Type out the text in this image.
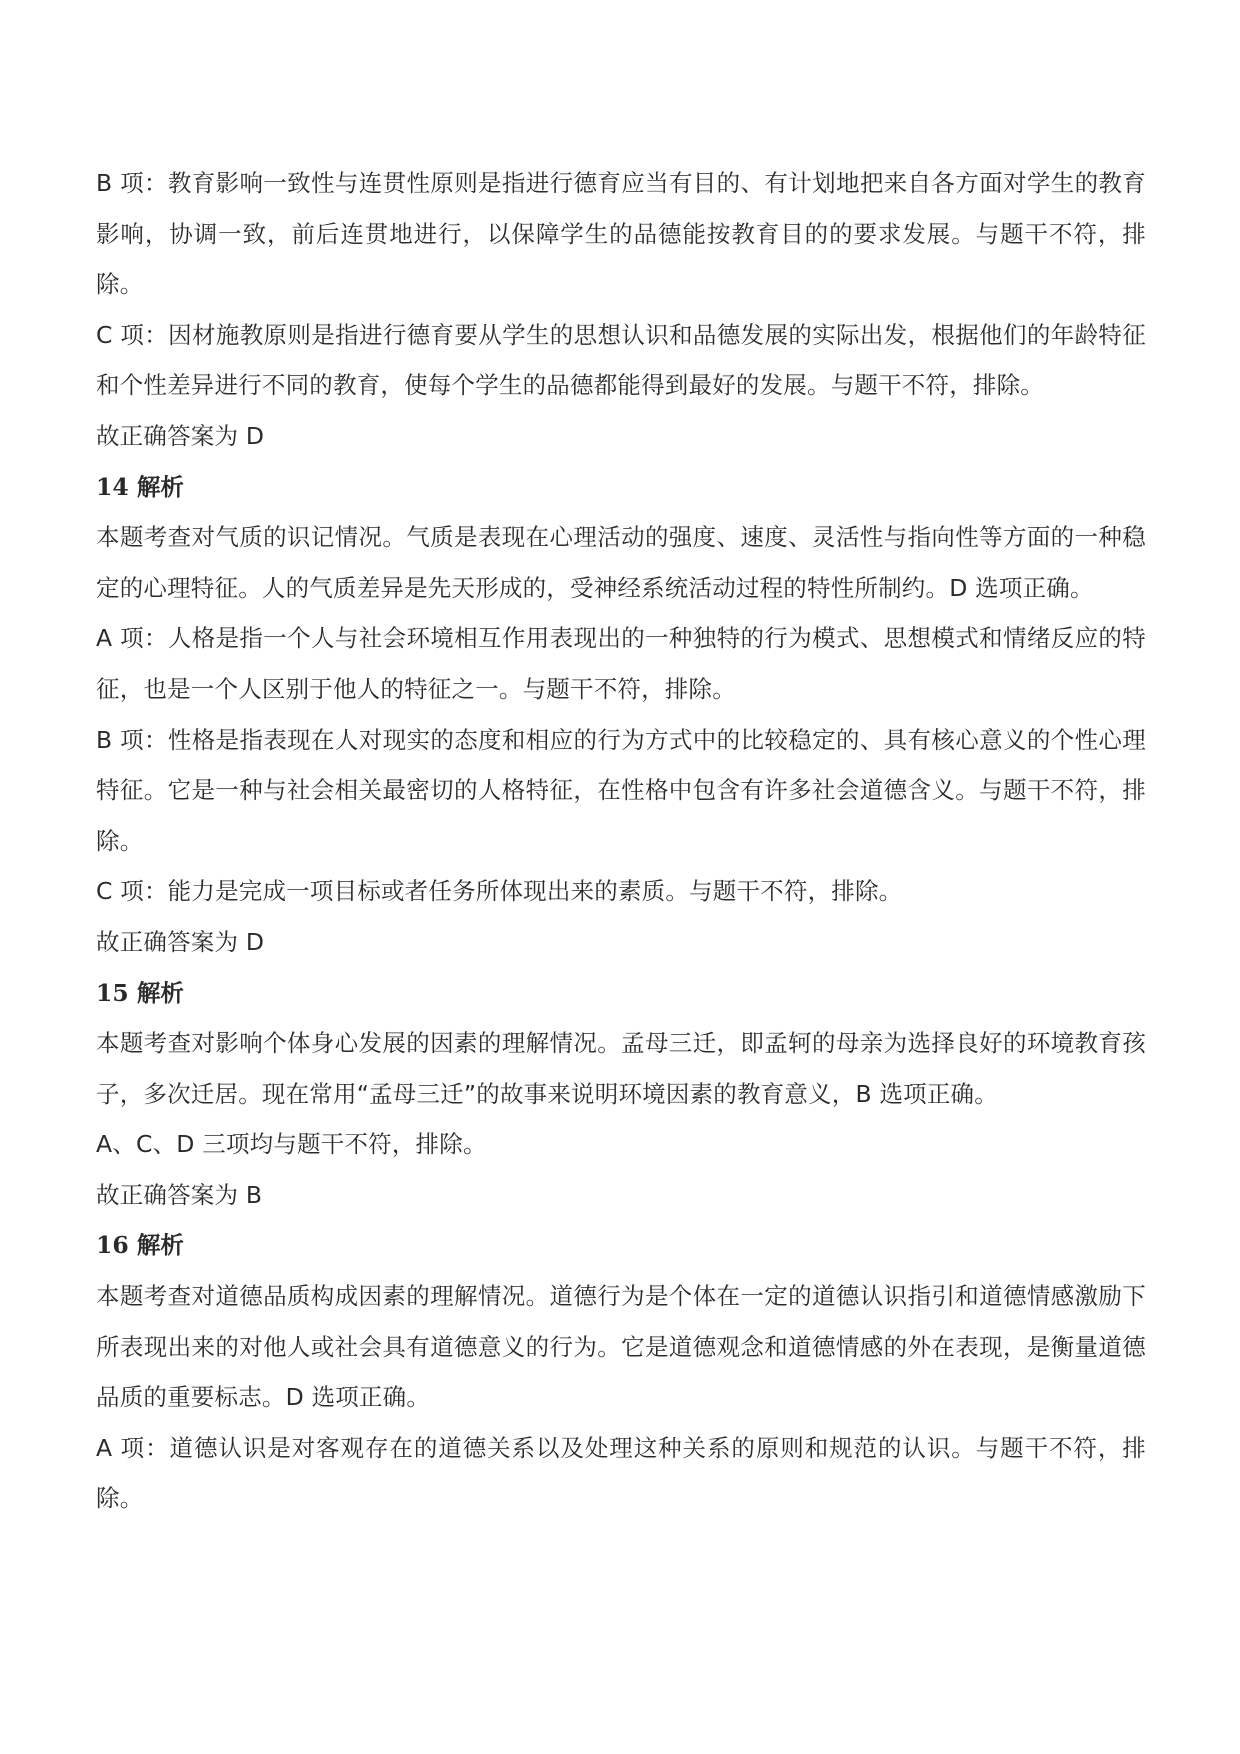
B 项：教育影响一致性与连贯性原则是指进行德育应当有目的、有计划地把来自各方面对学生的教育影响，协调一致，前后连贯地进行，以保障学生的品德能按教育目的的要求发展。与题干不符，排除。

C 项：因材施教原则是指进行德育要从学生的思想认识和品德发展的实际出发，根据他们的年龄特征和个性差异进行不同的教育，使每个学生的品德都能得到最好的发展。与题干不符，排除。

故正确答案为 D

14 解析

本题考查对气质的识记情况。气质是表现在心理活动的强度、速度、灵活性与指向性等方面的一种稳定的心理特征。人的气质差异是先天形成的，受神经系统活动过程的特性所制约。D 选项正确。

A 项：人格是指一个人与社会环境相互作用表现出的一种独特的行为模式、思想模式和情绪反应的特征，也是一个人区别于他人的特征之一。与题干不符，排除。

B 项：性格是指表现在人对现实的态度和相应的行为方式中的比较稳定的、具有核心意义的个性心理特征。它是一种与社会相关最密切的人格特征，在性格中包含有许多社会道德含义。与题干不符，排除。

C 项：能力是完成一项目标或者任务所体现出来的素质。与题干不符，排除。

故正确答案为 D

15 解析

本题考查对影响个体身心发展的因素的理解情况。孟母三迁，即孟轲的母亲为选择良好的环境教育孩子，多次迁居。现在常用“孟母三迁”的故事来说明环境因素的教育意义，B 选项正确。

A、C、D 三项均与题干不符，排除。

故正确答案为 B

16 解析

本题考查对道德品质构成因素的理解情况。道德行为是个体在一定的道德认识指引和道德情感激励下所表现出来的对他人或社会具有道德意义的行为。它是道德观念和道德情感的外在表现，是衡量道德品质的重要标志。D 选项正确。

A 项：道德认识是对客观存在的道德关系以及处理这种关系的原则和规范的认识。与题干不符，排除。
